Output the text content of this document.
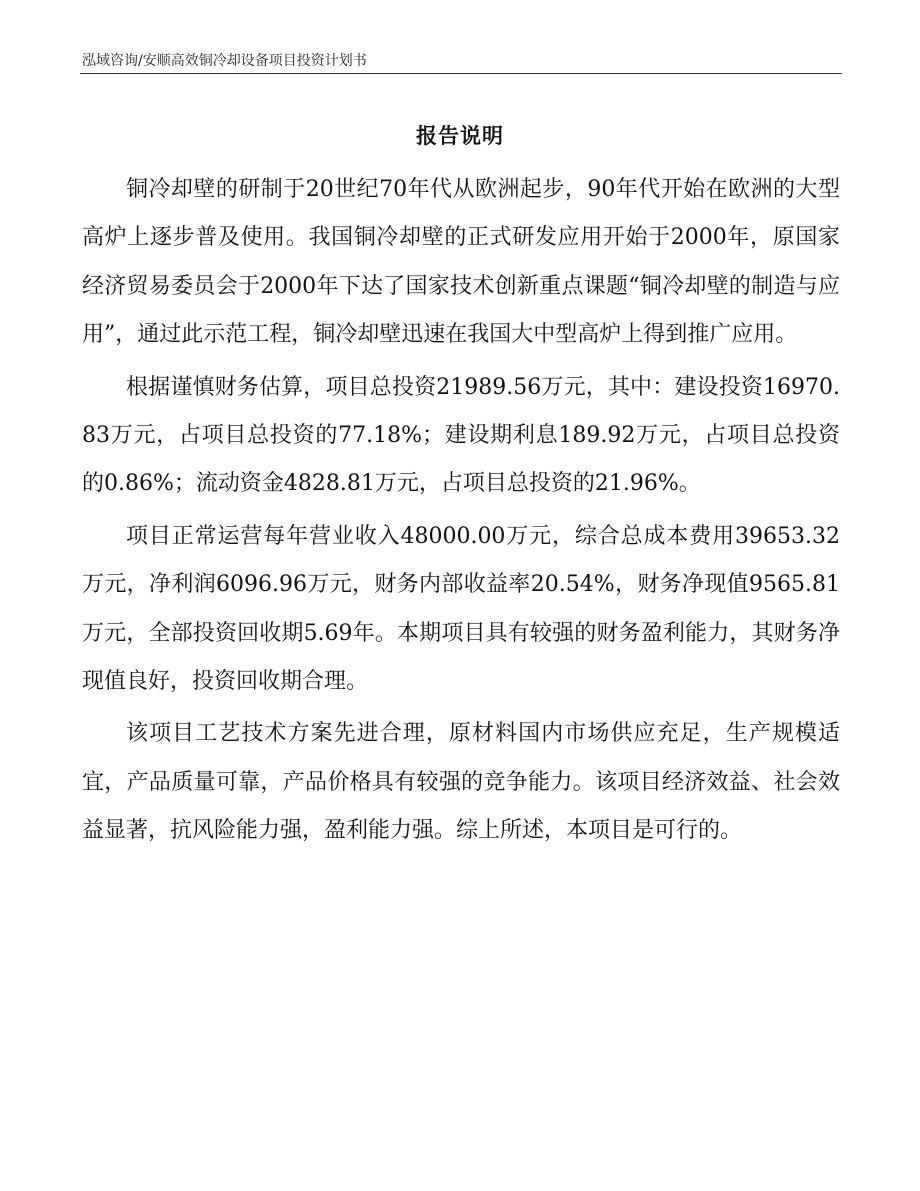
泓域咨询/安顺高效铜冷却设备项目投资计划书
报告说明

铜冷却壁的研制于20世纪70年代从欧洲起步，90年代开始在欧洲的大型高炉上逐步普及使用。我国铜冷却壁的正式研发应用开始于2000年，原国家经济贸易委员会于2000年下达了国家技术创新重点课题“铜冷却壁的制造与应用”，通过此示范工程，铜冷却壁迅速在我国大中型高炉上得到推广应用。

根据谨慎财务估算，项目总投资21989.56万元，其中：建设投资16970.83万元，占项目总投资的77.18%；建设期利息189.92万元，占项目总投资的0.86%；流动资金4828.81万元，占项目总投资的21.96%。

项目正常运营每年营业收入48000.00万元，综合总成本费用39653.32万元，净利润6096.96万元，财务内部收益率20.54%，财务净现值9565.81万元，全部投资回收期5.69年。本期项目具有较强的财务盈利能力，其财务净现值良好，投资回收期合理。

该项目工艺技术方案先进合理，原材料国内市场供应充足，生产规模适宜，产品质量可靠，产品价格具有较强的竞争能力。该项目经济效益、社会效益显著，抗风险能力强，盈利能力强。综上所述，本项目是可行的。
